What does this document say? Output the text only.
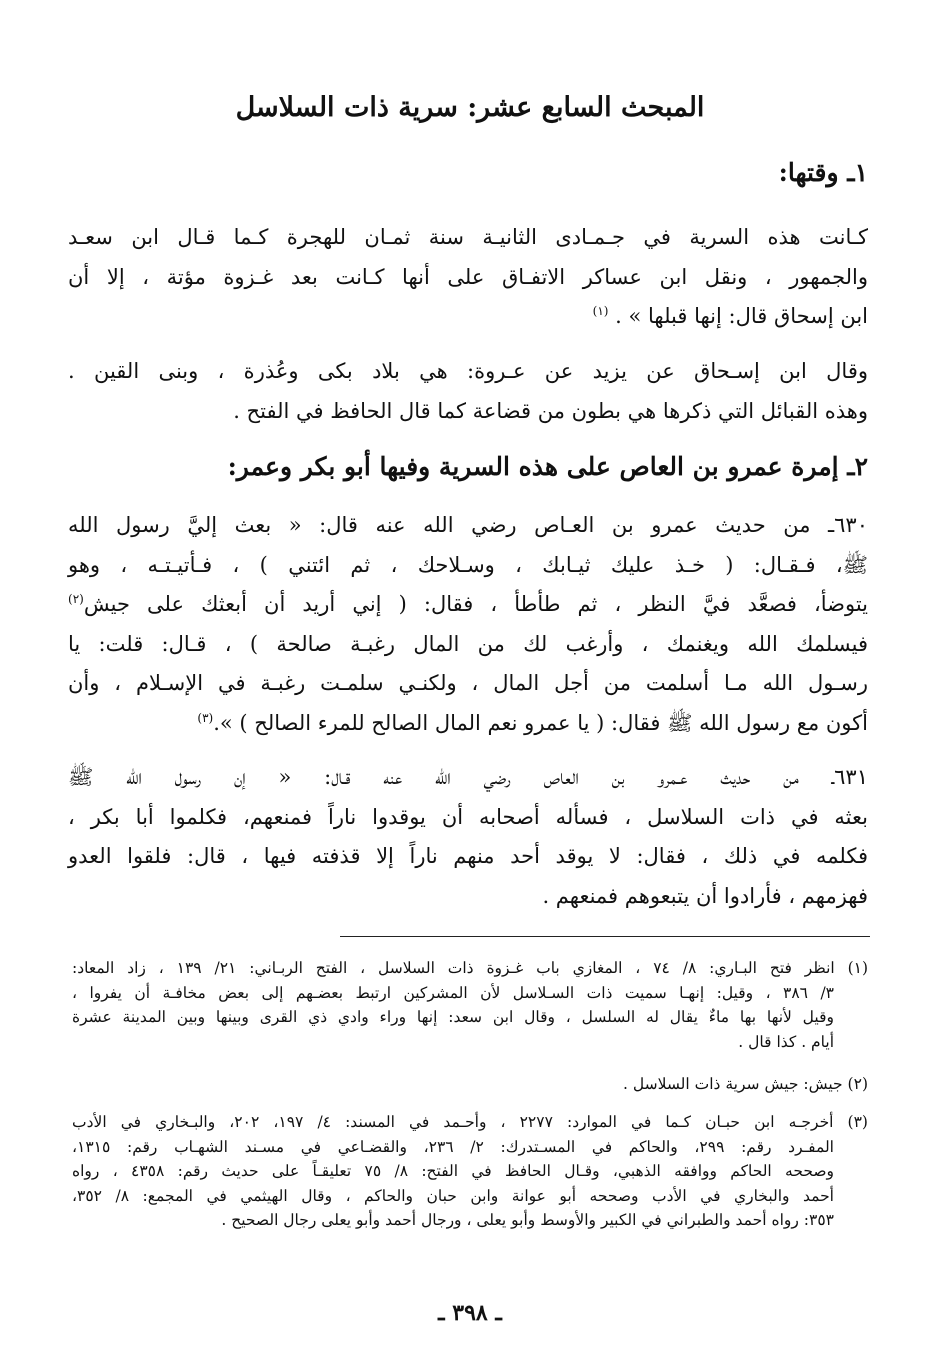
المبحث السابع عشر: سرية ذات السلاسل
١ـ وقتها:
كـانت هذه السرية في جـمـادى الثانيـة سنة ثمـان للهجرة كـما قـال ابن سعـد
والجمهور ، ونقل ابن عساكر الاتفـاق على أنها كـانت بعد غـزوة مؤتة ، إلا أن
ابن إسحاق قال: إنها قبلها » . $^{(١)}$
وقال ابن إسـحاق عن يزيد عن عـروة: هي بلاد بكى وعُذرة ، وبنى القين .
وهذه القبائل التي ذكرها هي بطون من قضاعة كما قال الحافظ في الفتح .
٢ـ إمرة عمرو بن العاص على هذه السرية وفيها أبو بكر وعمر:
٦٣٠ـ من حديث عمرو بن العـاص رضي الله عنه قال: « بعث إليَّ رسول الله
ﷺ، فـقـال: ( خـذ عليك ثيـابك ، وسـلاحك ، ثم ائتني ) ، فـأتيـتـه ، وهو
يتوضأ، فصعَّد فيَّ النظر ، ثم طأطأ ، فقال: ( إني أريد أن أبعثك على جيش$^{(٢)}$
فيسلمك الله ويغنمك ، وأرغب لك من المال رغبـة صالحة ) ، قـال: قلت: يا
رسـول الله مـا أسلمت من أجل المال ، ولكنـي سلمـت رغبـة في الإسـلام ، وأن
أكون مع رسول الله ﷺ فقال: ( يا عمرو نعم المال الصالح للمرء الصالح ) ».$^{(٣)}$
٦٣١ـ من حديث عـمرو بن العاص رضي الله عنه قـال: « إن رسول الله ﷺ
بعثه في ذات السلاسل ، فسأله أصحابه أن يوقدوا ناراً فمنعهم، فكلموا أبا بكر ،
فكلمه في ذلك ، فقال: لا يوقد أحد منهم ناراً إلا قذفته فيها ، قال: فلقوا العدو
فهزمهم ، فأرادوا أن يتبعوهم فمنعهم .
(١) انظر فتح البـاري: ٨/ ٧٤ ، المغازي باب غـزوة ذات السلاسل ، الفتح الربـاني: ٢١/ ١٣٩ ، زاد المعاد:
٣/ ٣٨٦ ، وقيل: إنهـا سميت ذات السـلاسل لأن المشركين ارتبط بعضـهم إلى بعض مخافـة أن يفروا ،
وقيل لأنها بها ماءٌ يقال له السلسل ، وقال ابن سعد: إنها وراء وادي ذي القرى وبينها وبين المدينة عشرة
أيام . كذا قال .
(٢) جيش: جيش سرية ذات السلاسل .
(٣) أخرجـه ابن حبـان كـما في الموارد: ٢٢٧٧ ، وأحـمد في المسند: ٤/ ١٩٧، ٢٠٢، والبـخاري في الأدب
المفـرد رقم: ٢٩٩، والحاكم في المسـتدرك: ٢/ ٢٣٦، والقضـاعي في مسـند الشهـاب رقم: ١٣١٥،
وصححه الحاكم ووافقه الذهبي، وقـال الحافظ في الفتح: ٨/ ٧٥ تعليقـاً على حديث رقم: ٤٣٥٨ ، رواه
أحمد والبخاري في الأدب وصححه أبو عوانة وابن حبان والحاكم ، وقال الهيثمي في المجمع: ٨/ ٣٥٢،
٣٥٣: رواه أحمد والطبراني في الكبير والأوسط وأبو يعلى ، ورجال أحمد وأبو يعلى رجال الصحيح .
ـ ٣٩٨ ـ
